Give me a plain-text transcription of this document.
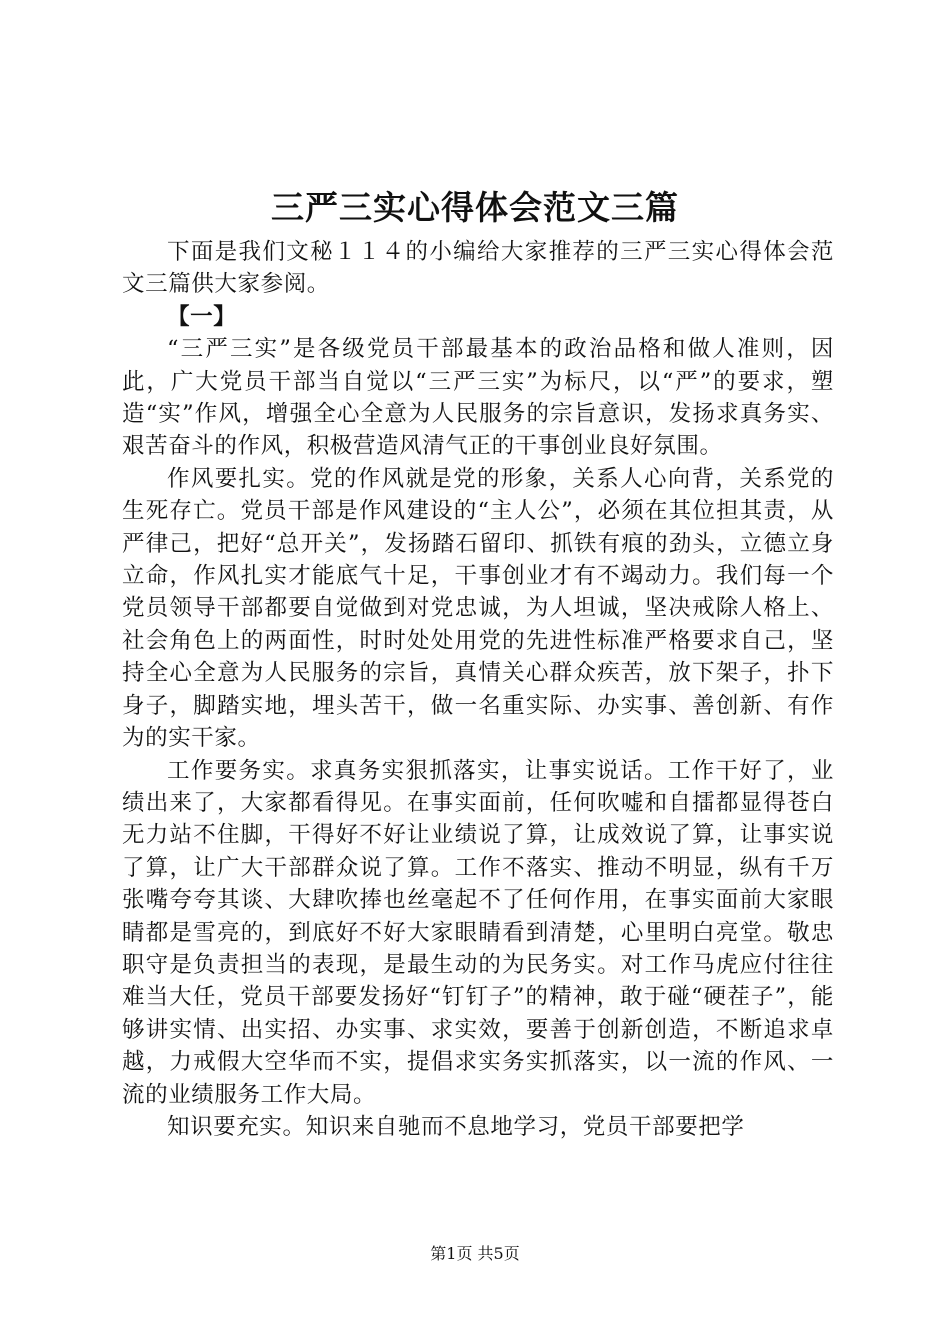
三严三实心得体会范文三篇

下面是我们文秘１１４的小编给大家推荐的三严三实心得体会范文三篇供大家参阅。

【一】

“三严三实”是各级党员干部最基本的政治品格和做人准则，因此，广大党员干部当自觉以“三严三实”为标尺，以“严”的要求，塑造“实”作风，增强全心全意为人民服务的宗旨意识，发扬求真务实、艰苦奋斗的作风，积极营造风清气正的干事创业良好氛围。

作风要扎实。党的作风就是党的形象，关系人心向背，关系党的生死存亡。党员干部是作风建设的“主人公”，必须在其位担其责，从严律己，把好“总开关”，发扬踏石留印、抓铁有痕的劲头，立德立身立命，作风扎实才能底气十足，干事创业才有不竭动力。我们每一个党员领导干部都要自觉做到对党忠诚，为人坦诚，坚决戒除人格上、社会角色上的两面性，时时处处用党的先进性标准严格要求自己，坚持全心全意为人民服务的宗旨，真情关心群众疾苦，放下架子，扑下身子，脚踏实地，埋头苦干，做一名重实际、办实事、善创新、有作为的实干家。

工作要务实。求真务实狠抓落实，让事实说话。工作干好了，业绩出来了，大家都看得见。在事实面前，任何吹嘘和自擂都显得苍白无力站不住脚，干得好不好让业绩说了算，让成效说了算，让事实说了算，让广大干部群众说了算。工作不落实、推动不明显，纵有千万张嘴夸夸其谈、大肆吹捧也丝毫起不了任何作用，在事实面前大家眼睛都是雪亮的，到底好不好大家眼睛看到清楚，心里明白亮堂。敬忠职守是负责担当的表现，是最生动的为民务实。对工作马虎应付往往难当大任，党员干部要发扬好“钉钉子”的精神，敢于碰“硬茬子”，能够讲实情、出实招、办实事、求实效，要善于创新创造，不断追求卓越，力戒假大空华而不实，提倡求实务实抓落实，以一流的作风、一流的业绩服务工作大局。

知识要充实。知识来自驰而不息地学习，党员干部要把学

第1页 共5页
